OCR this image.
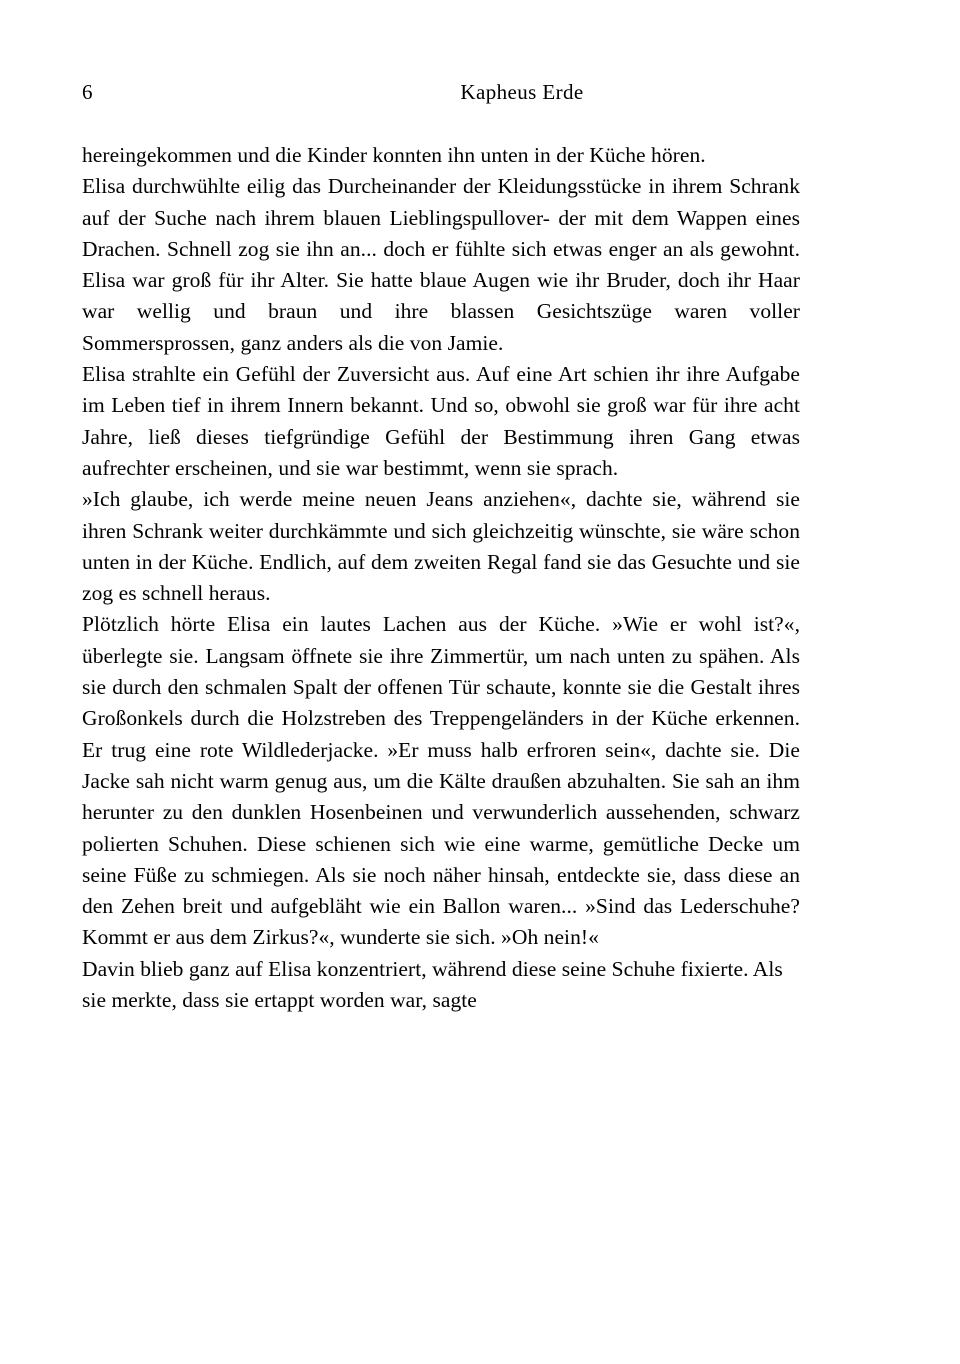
6	Kapheus Erde

hereingekommen und die Kinder konnten ihn unten in der Küche hören.

Elisa durchwühlte eilig das Durcheinander der Kleidungsstücke in ihrem Schrank auf der Suche nach ihrem blauen Lieblingspullover- der mit dem Wappen eines Drachen. Schnell zog sie ihn an... doch er fühlte sich etwas enger an als gewohnt. Elisa war groß für ihr Alter. Sie hatte blaue Augen wie ihr Bruder, doch ihr Haar war wellig und braun und ihre blassen Gesichtszüge waren voller Sommersprossen, ganz anders als die von Jamie.

Elisa strahlte ein Gefühl der Zuversicht aus. Auf eine Art schien ihr ihre Aufgabe im Leben tief in ihrem Innern bekannt. Und so, obwohl sie groß war für ihre acht Jahre, ließ dieses tiefgründige Gefühl der Bestimmung ihren Gang etwas aufrechter erscheinen, und sie war bestimmt, wenn sie sprach.

»Ich glaube, ich werde meine neuen Jeans anziehen«, dachte sie, während sie ihren Schrank weiter durchkämmte und sich gleichzeitig wünschte, sie wäre schon unten in der Küche. Endlich, auf dem zweiten Regal fand sie das Gesuchte und sie zog es schnell heraus.

Plötzlich hörte Elisa ein lautes Lachen aus der Küche. »Wie er wohl ist?«, überlegte sie. Langsam öffnete sie ihre Zimmertür, um nach unten zu spähen. Als sie durch den schmalen Spalt der offenen Tür schaute, konnte sie die Gestalt ihres Großonkels durch die Holzstreben des Treppengeländers in der Küche erkennen. Er trug eine rote Wildlederjacke. »Er muss halb erfroren sein«, dachte sie. Die Jacke sah nicht warm genug aus, um die Kälte draußen abzuhalten. Sie sah an ihm herunter zu den dunklen Hosenbeinen und verwunderlich aussehenden, schwarz polierten Schuhen. Diese schienen sich wie eine warme, gemütliche Decke um seine Füße zu schmiegen. Als sie noch näher hinsah, entdeckte sie, dass diese an den Zehen breit und aufgebläht wie ein Ballon waren... »Sind das Lederschuhe? Kommt er aus dem Zirkus?«, wunderte sie sich. »Oh nein!«

Davin blieb ganz auf Elisa konzentriert, während diese seine Schuhe fixierte. Als sie merkte, dass sie ertappt worden war, sagte
